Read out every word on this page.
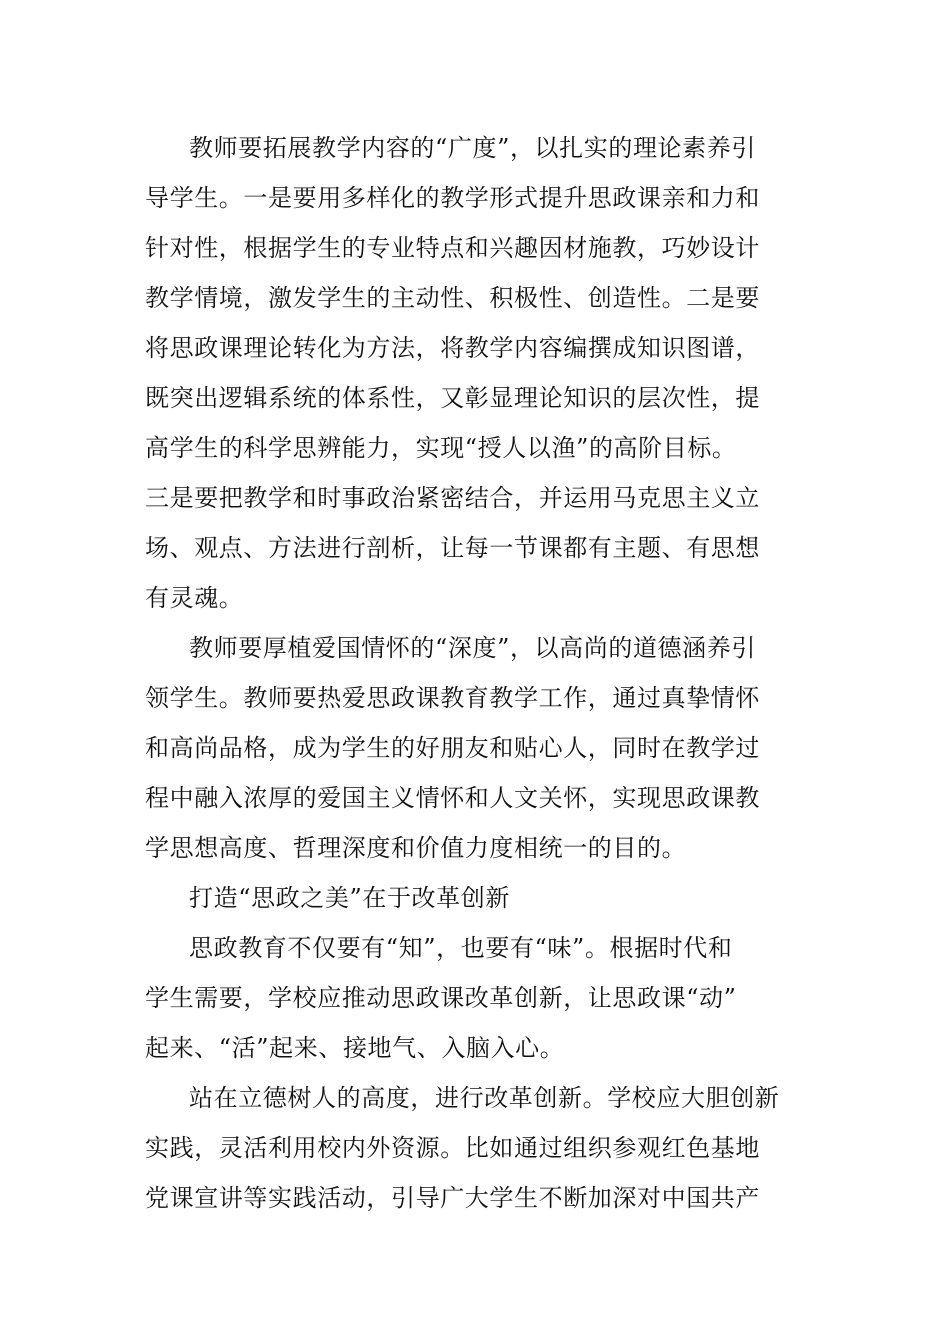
教师要拓展教学内容的“广度”，以扎实的理论素养引
导学生。一是要用多样化的教学形式提升思政课亲和力和
针对性，根据学生的专业特点和兴趣因材施教，巧妙设计
教学情境，激发学生的主动性、积极性、创造性。二是要
将思政课理论转化为方法，将教学内容编撰成知识图谱，
既突出逻辑系统的体系性，又彰显理论知识的层次性，提
高学生的科学思辨能力，实现“授人以渔”的高阶目标。
三是要把教学和时事政治紧密结合，并运用马克思主义立
场、观点、方法进行剖析，让每一节课都有主题、有思想
有灵魂。

教师要厚植爱国情怀的“深度”，以高尚的道德涵养引
领学生。教师要热爱思政课教育教学工作，通过真挚情怀
和高尚品格，成为学生的好朋友和贴心人，同时在教学过
程中融入浓厚的爱国主义情怀和人文关怀，实现思政课教
学思想高度、哲理深度和价值力度相统一的目的。

打造“思政之美”在于改革创新

思政教育不仅要有“知”，也要有“味”。根据时代和
学生需要，学校应推动思政课改革创新，让思政课“动”
起来、“活”起来、接地气、入脑入心。

站在立德树人的高度，进行改革创新。学校应大胆创新
实践，灵活利用校内外资源。比如通过组织参观红色基地
党课宣讲等实践活动，引导广大学生不断加深对中国共产
